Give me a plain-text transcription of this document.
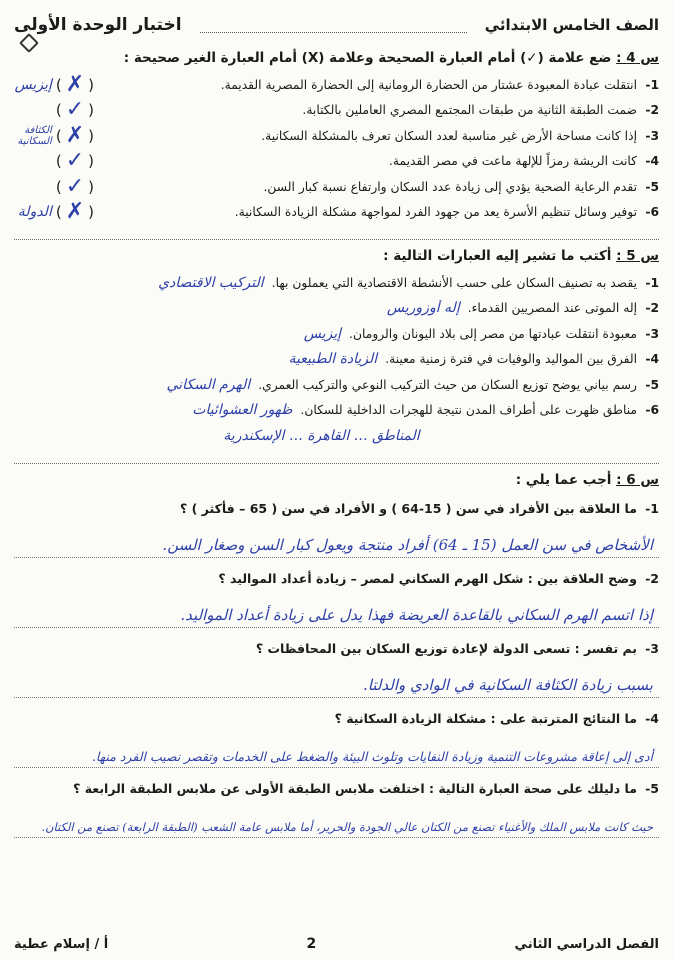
الصف الخامس الابتدائي
اختبار الوحدة الأولى
س 4 : ضع علامة (✓) أمام العبارة الصحيحة وعلامة (X) أمام العبارة الغير صحيحة :
1-
انتقلت عبادة المعبودة عشتار من الحضارة الرومانية إلى الحضارة المصرية القديمة.
(
✗
)
إيزيس
2-
ضمت الطبقة الثانية من طبقات المجتمع المصري العاملين بالكتابة.
(
✓
)
3-
إذا كانت مساحة الأرض غير مناسبة لعدد السكان تعرف بالمشكلة السكانية.
(
✗
)
الكثافة السكانية
4-
كانت الريشة رمزاً للإلهة ماعت في مصر القديمة.
(
✓
)
5-
تقدم الرعاية الصحية يؤدي إلى زيادة عدد السكان وارتفاع نسبة كبار السن.
(
✓
)
6-
توفير وسائل تنظيم الأسرة يعد من جهود الفرد لمواجهة مشكلة الزيادة السكانية.
(
✗
)
الدولة
س 5 : أكتب ما تشير إليه العبارات التالية :
1-
يقصد به تصنيف السكان على حسب الأنشطة الاقتصادية التي يعملون بها.
التركيب الاقتصادي
2-
إله الموتى عند المصريين القدماء.
إله أوزوريس
3-
معبودة انتقلت عبادتها من مصر إلى بلاد اليونان والرومان.
إيزيس
4-
الفرق بين المواليد والوفيات في فترة زمنية معينة.
الزيادة الطبيعية
5-
رسم بياني يوضح توزيع السكان من حيث التركيب النوعي والتركيب العمري.
الهرم السكاني
6-
مناطق ظهرت على أطراف المدن نتيجة للهجرات الداخلية للسكان.
ظهور العشوائيات
المناطق … القاهرة … الإسكندرية
س 6 : أجب عما يلي :
1-
ما العلاقة بين الأفراد في سن ( 15-64 ) و الأفراد في سن ( 65 – فأكثر ) ؟
الأشخاص في سن العمل (15 ـ 64) أفراد منتجة ويعول كبار السن وصغار السن.
2-
وضح العلاقة بين : شكل الهرم السكاني لمصر – زيادة أعداد المواليد ؟
إذا اتسم الهرم السكاني بالقاعدة العريضة فهذا يدل على زيادة أعداد المواليد.
3-
بم تفسر : تسعى الدولة لإعادة توزيع السكان بين المحافظات ؟
بسبب زيادة الكثافة السكانية في الوادي والدلتا.
4-
ما النتائج المترتبة على : مشكلة الزيادة السكانية ؟
أدى إلى إعاقة مشروعات التنمية وزيادة النفايات وتلوث البيئة والضغط على الخدمات وتقصر نصيب الفرد منها.
5-
ما دليلك على صحة العبارة التالية : اختلفت ملابس الطبقة الأولى عن ملابس الطبقة الرابعة ؟
حيث كانت ملابس الملك والأغنياء تصنع من الكتان عالي الجودة والحرير، أما ملابس عامة الشعب (الطبقة الرابعة) تصنع من الكتان.
الفصل الدراسي الثاني
2
أ / إسلام عطية
